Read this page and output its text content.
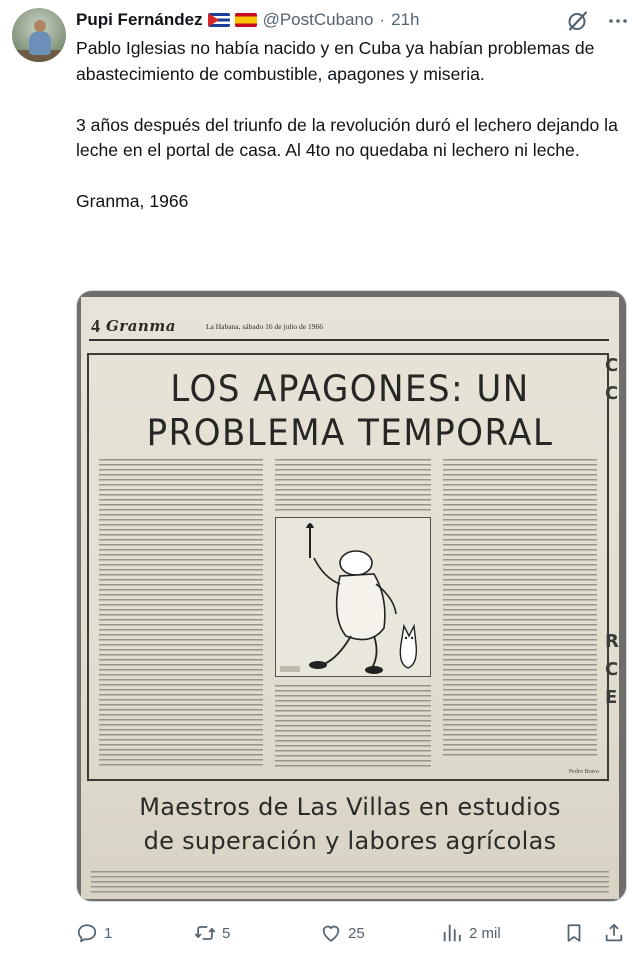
Pupi Fernández	@PostCubano · 21h

Pablo Iglesias no había nacido y en Cuba ya habían problemas de abastecimiento de combustible, apagones y miseria.

3 años después del triunfo de la revolución duró el lechero dejando la leche en el portal de casa. Al 4to no quedaba ni lechero ni leche.

Granma, 1966

4 Granma	La Habana, sábado 16 de julio de 1966
LOS APAGONES: UN
PROBLEMA TEMPORAL
Pedro Bravo
C
C
R
C
E
Maestros de Las Villas en estudios
de superación y labores agrícolas
1	5	25	2 mil
